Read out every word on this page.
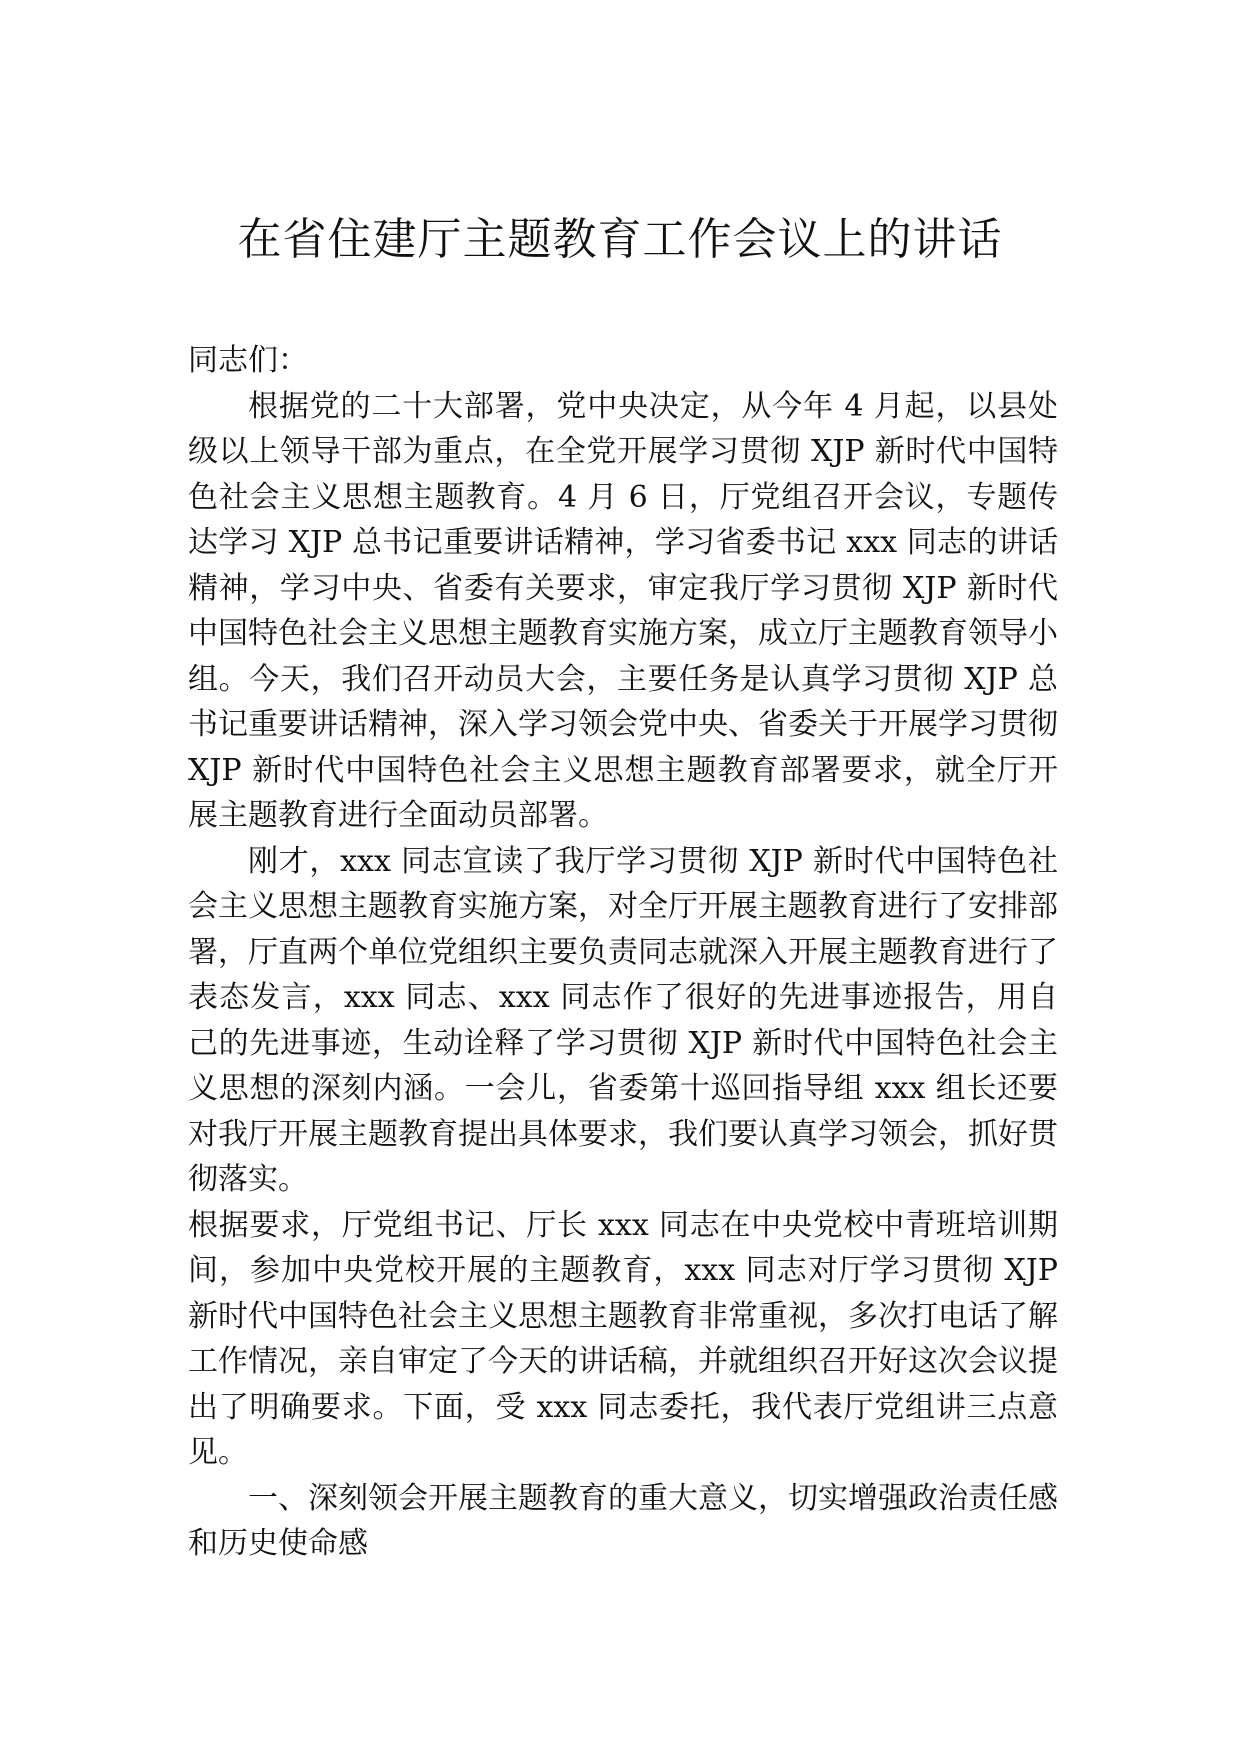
在省住建厅主题教育工作会议上的讲话

同志们：

根据党的二十大部署，党中央决定，从今年 4 月起，以县处级以上领导干部为重点，在全党开展学习贯彻 XJP 新时代中国特色社会主义思想主题教育。4 月 6 日，厅党组召开会议，专题传达学习 XJP 总书记重要讲话精神，学习省委书记 xxx 同志的讲话精神，学习中央、省委有关要求，审定我厅学习贯彻 XJP 新时代中国特色社会主义思想主题教育实施方案，成立厅主题教育领导小组。今天，我们召开动员大会，主要任务是认真学习贯彻 XJP 总书记重要讲话精神，深入学习领会党中央、省委关于开展学习贯彻 XJP 新时代中国特色社会主义思想主题教育部署要求，就全厅开展主题教育进行全面动员部署。

刚才，xxx 同志宣读了我厅学习贯彻 XJP 新时代中国特色社会主义思想主题教育实施方案，对全厅开展主题教育进行了安排部署，厅直两个单位党组织主要负责同志就深入开展主题教育进行了表态发言，xxx 同志、xxx 同志作了很好的先进事迹报告，用自己的先进事迹，生动诠释了学习贯彻 XJP 新时代中国特色社会主义思想的深刻内涵。一会儿，省委第十巡回指导组 xxx 组长还要对我厅开展主题教育提出具体要求，我们要认真学习领会，抓好贯彻落实。

根据要求，厅党组书记、厅长 xxx 同志在中央党校中青班培训期间，参加中央党校开展的主题教育，xxx 同志对厅学习贯彻 XJP 新时代中国特色社会主义思想主题教育非常重视，多次打电话了解工作情况，亲自审定了今天的讲话稿，并就组织召开好这次会议提出了明确要求。下面，受 xxx 同志委托，我代表厅党组讲三点意见。

一、深刻领会开展主题教育的重大意义，切实增强政治责任感和历史使命感
